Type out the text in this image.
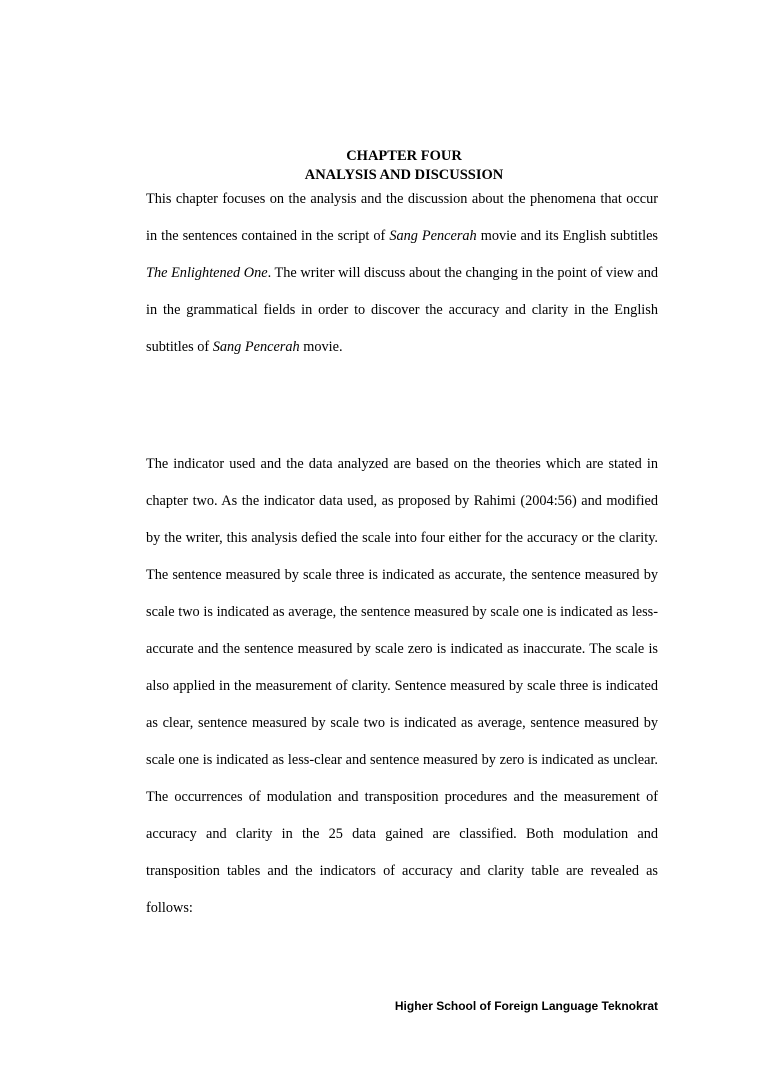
CHAPTER FOUR
ANALYSIS AND DISCUSSION

This chapter focuses on the analysis and the discussion about the phenomena that occur in the sentences contained in the script of Sang Pencerah movie and its English subtitles The Enlightened One. The writer will discuss about the changing in the point of view and in the grammatical fields in order to discover the accuracy and clarity in the English subtitles of Sang Pencerah movie.

The indicator used and the data analyzed are based on the theories which are stated in chapter two. As the indicator data used, as proposed by Rahimi (2004:56) and modified by the writer, this analysis defied the scale into four either for the accuracy or the clarity. The sentence measured by scale three is indicated as accurate, the sentence measured by scale two is indicated as average, the sentence measured by scale one is indicated as less-accurate and the sentence measured by scale zero is indicated as inaccurate. The scale is also applied in the measurement of clarity. Sentence measured by scale three is indicated as clear, sentence measured by scale two is indicated as average, sentence measured by scale one is indicated as less-clear and sentence measured by zero is indicated as unclear. The occurrences of modulation and transposition procedures and the measurement of accuracy and clarity in the 25 data gained are classified. Both modulation and transposition tables and the indicators of accuracy and clarity table are revealed as follows:

Higher School of Foreign Language Teknokrat
